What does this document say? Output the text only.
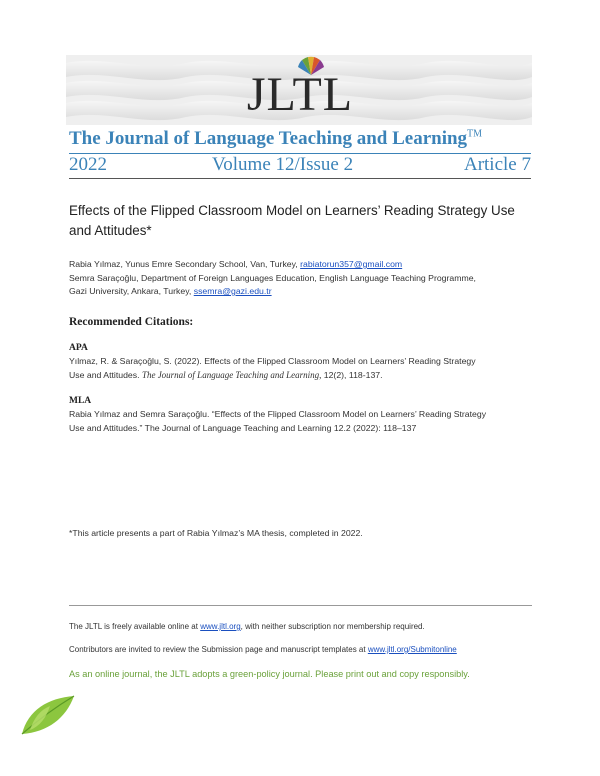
JLTL
The Journal of Language Teaching and Learning™
2022	Volume 12/Issue 2	Article 7
Effects of the Flipped Classroom Model on Learners’ Reading Strategy Use and Attitudes*
Rabia Yılmaz, Yunus Emre Secondary School, Van, Turkey, rabiatorun357@gmail.com
Semra Saraçoğlu, Department of Foreign Languages Education, English Language Teaching Programme,
Gazi University, Ankara, Turkey, ssemra@gazi.edu.tr
Recommended Citations:
APA
Yılmaz, R. & Saraçoğlu, S. (2022). Effects of the Flipped Classroom Model on Learners’ Reading Strategy
Use and Attitudes. The Journal of Language Teaching and Learning, 12(2), 118-137.
MLA
Rabia Yılmaz and Semra Saraçoğlu. “Effects of the Flipped Classroom Model on Learners’ Reading Strategy
Use and Attitudes.” The Journal of Language Teaching and Learning 12.2 (2022): 118–137
*This article presents a part of Rabia Yılmaz’s MA thesis, completed in 2022.
The JLTL is freely available online at www.jltl.org, with neither subscription nor membership required.
Contributors are invited to review the Submission page and manuscript templates at www.jltl.org/Submitonline
As an online journal, the JLTL adopts a green-policy journal. Please print out and copy responsibly.
